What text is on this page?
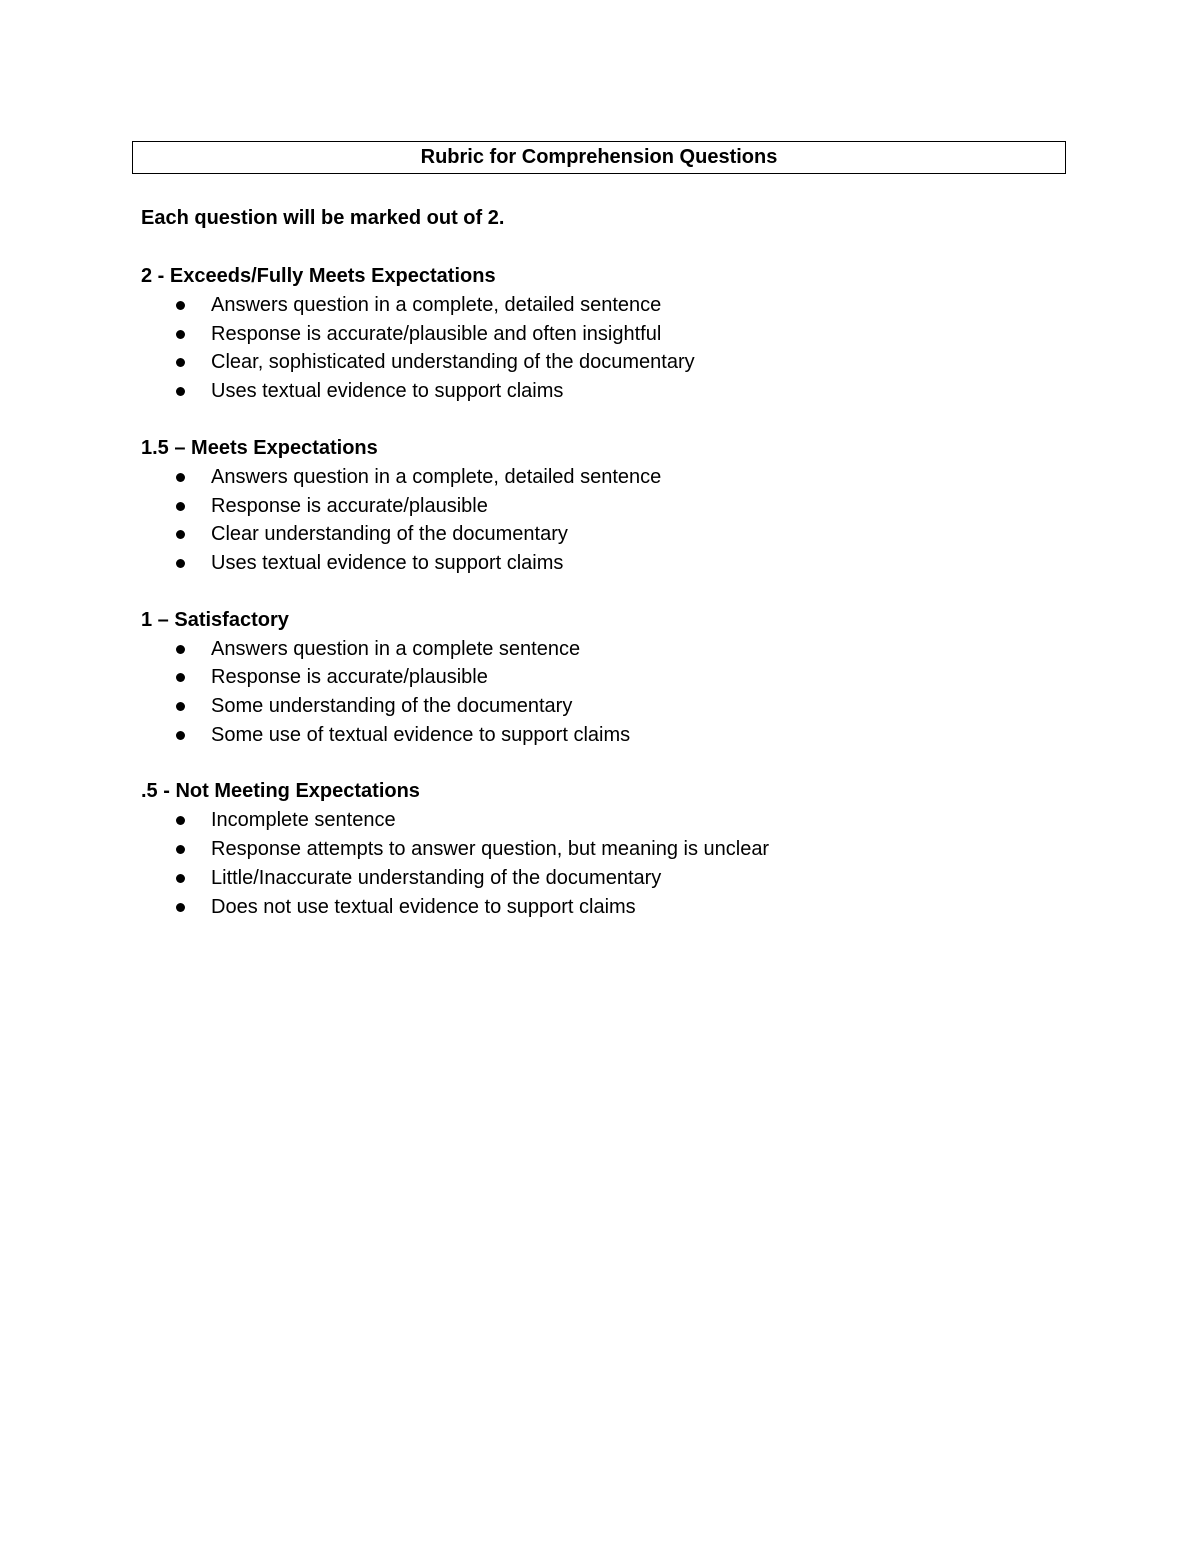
Rubric for Comprehension Questions

Each question will be marked out of 2.

2 - Exceeds/Fully Meets Expectations

Answers question in a complete, detailed sentence
Response is accurate/plausible and often insightful
Clear, sophisticated understanding of the documentary
Uses textual evidence to support claims

1.5 – Meets Expectations

Answers question in a complete, detailed sentence
Response is accurate/plausible
Clear understanding of the documentary
Uses textual evidence to support claims

1 – Satisfactory

Answers question in a complete sentence
Response is accurate/plausible
Some understanding of the documentary
Some use of textual evidence to support claims

.5 - Not Meeting Expectations

Incomplete sentence
Response attempts to answer question, but meaning is unclear
Little/Inaccurate understanding of the documentary
Does not use textual evidence to support claims
